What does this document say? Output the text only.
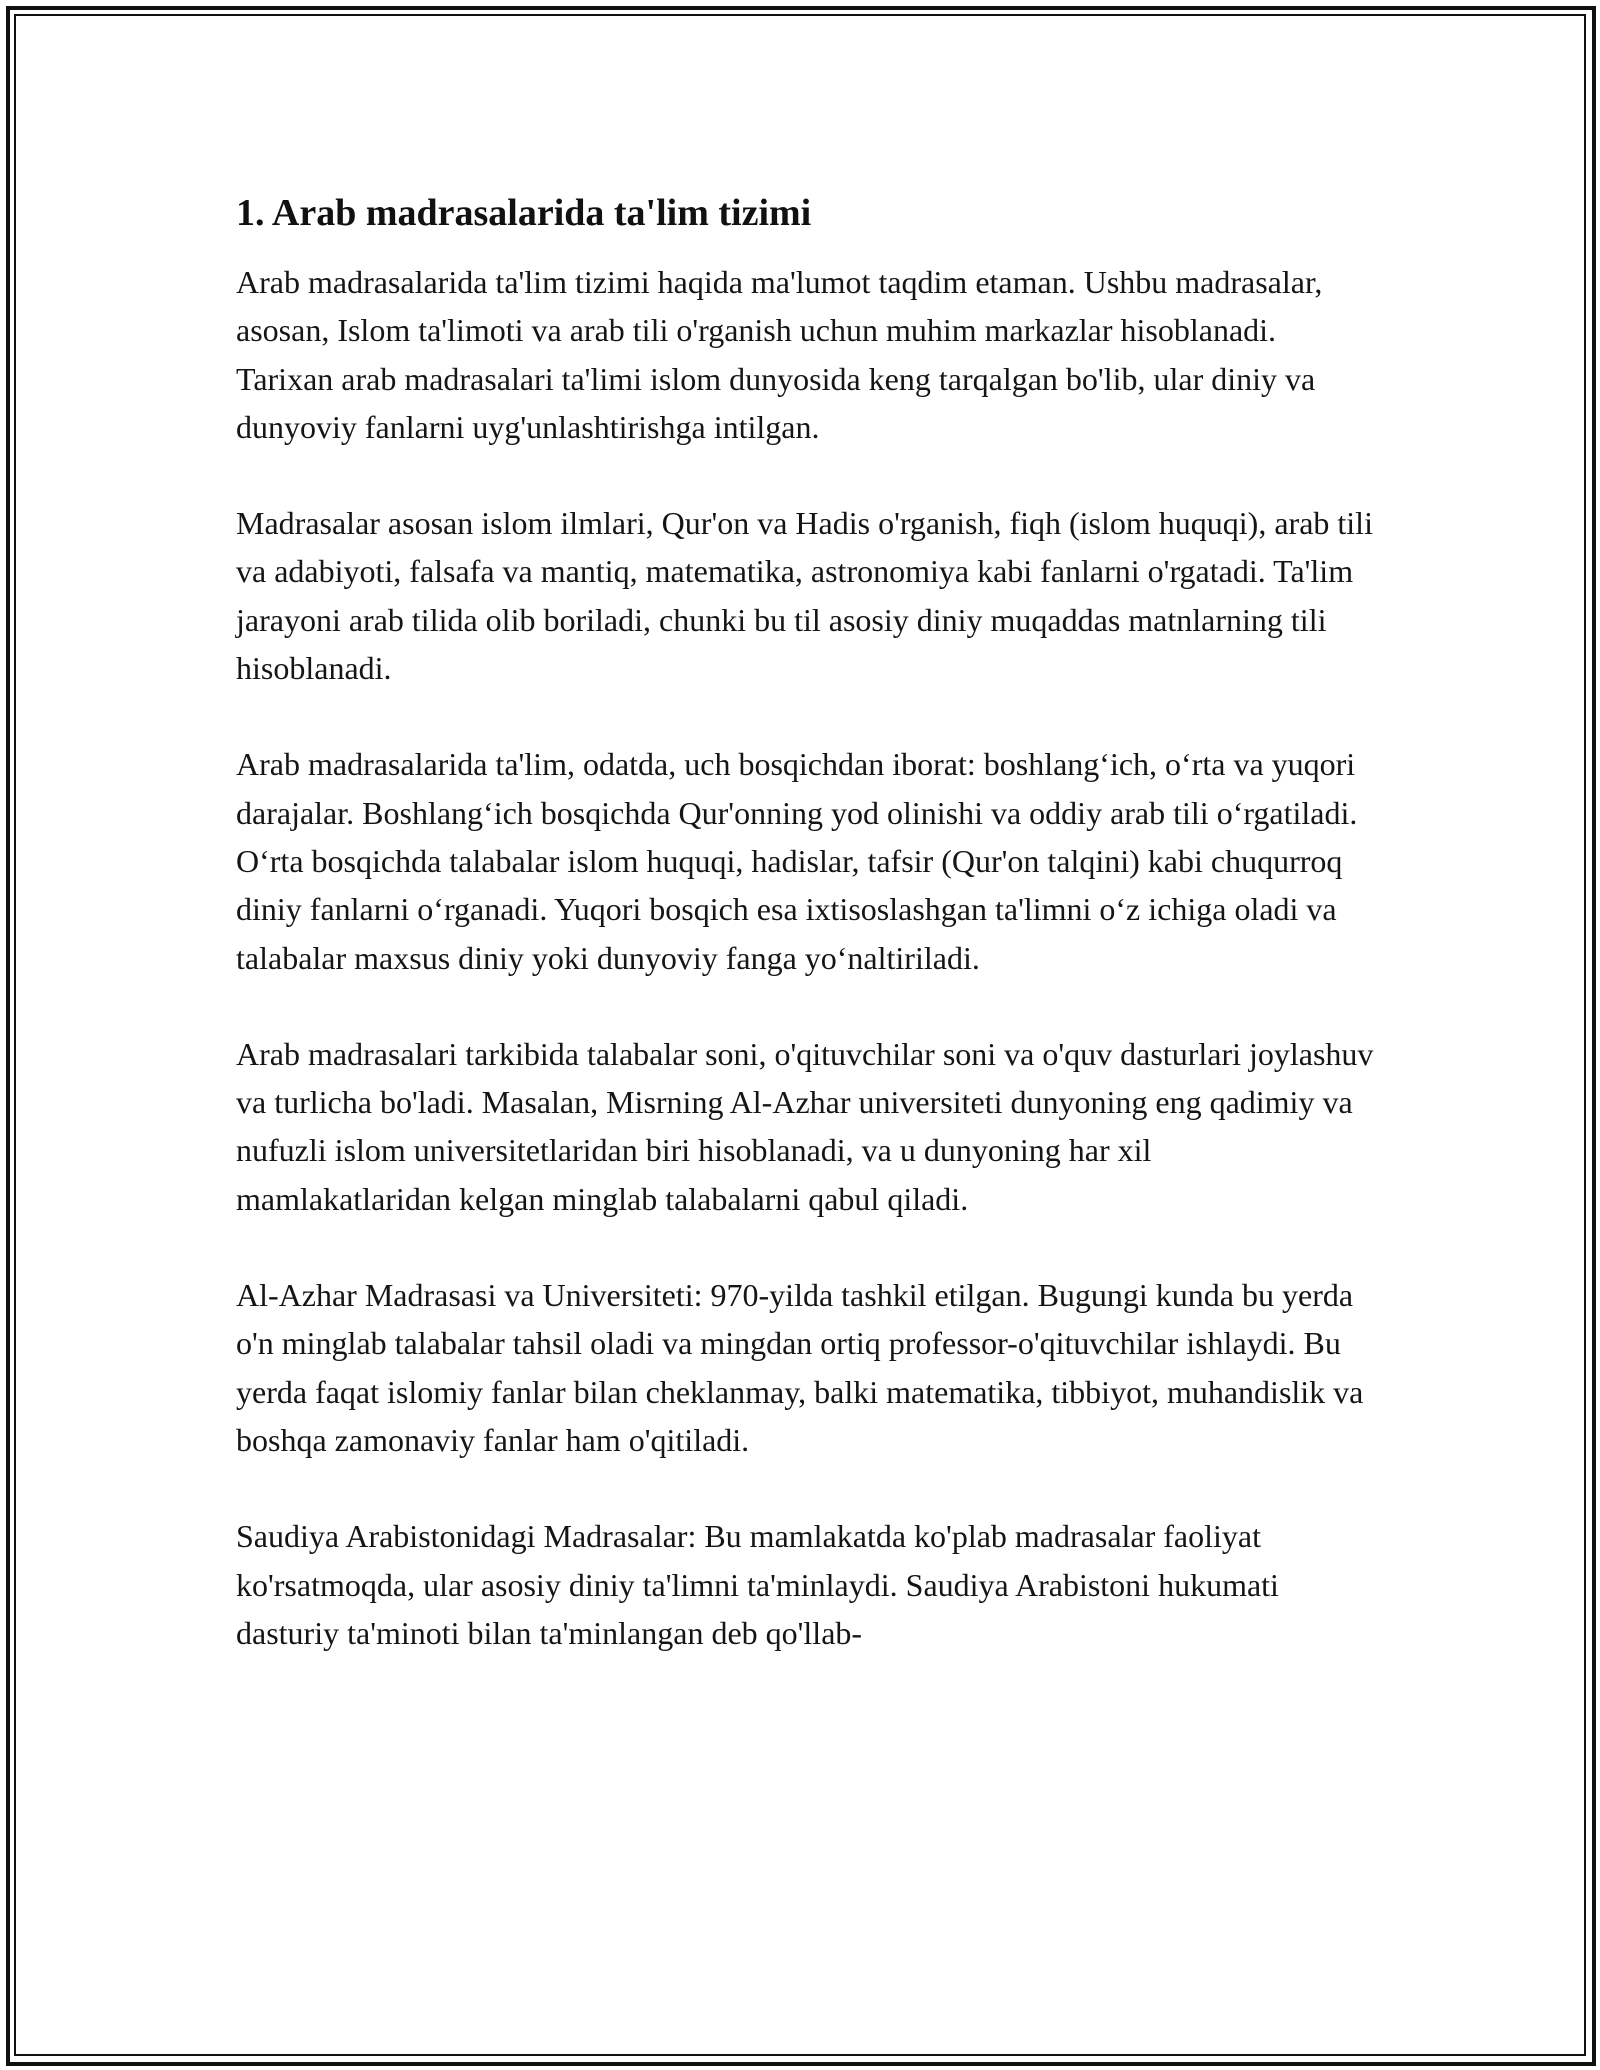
1. Arab madrasalarida ta'lim tizimi

Arab madrasalarida ta'lim tizimi haqida ma'lumot taqdim etaman. Ushbu madrasalar, asosan, Islom ta'limoti va arab tili o'rganish uchun muhim markazlar hisoblanadi. Tarixan arab madrasalari ta'limi islom dunyosida keng tarqalgan bo'lib, ular diniy va dunyoviy fanlarni uyg'unlashtirishga intilgan.

Madrasalar asosan islom ilmlari, Qur'on va Hadis o'rganish, fiqh (islom huquqi), arab tili va adabiyoti, falsafa va mantiq, matematika, astronomiya kabi fanlarni o'rgatadi. Ta'lim jarayoni arab tilida olib boriladi, chunki bu til asosiy diniy muqaddas matnlarning tili hisoblanadi.

Arab madrasalarida ta'lim, odatda, uch bosqichdan iborat: boshlang‘ich, o‘rta va yuqori darajalar. Boshlang‘ich bosqichda Qur'onning yod olinishi va oddiy arab tili o‘rgatiladi. O‘rta bosqichda talabalar islom huquqi, hadislar, tafsir (Qur'on talqini) kabi chuqurroq diniy fanlarni o‘rganadi. Yuqori bosqich esa ixtisoslashgan ta'limni o‘z ichiga oladi va talabalar maxsus diniy yoki dunyoviy fanga yo‘naltiriladi.

Arab madrasalari tarkibida talabalar soni, o'qituvchilar soni va o'quv dasturlari joylashuv va turlicha bo'ladi. Masalan, Misrning Al-Azhar universiteti dunyoning eng qadimiy va nufuzli islom universitetlaridan biri hisoblanadi, va u dunyoning har xil mamlakatlaridan kelgan minglab talabalarni qabul qiladi.

Al-Azhar Madrasasi va Universiteti: 970-yilda tashkil etilgan. Bugungi kunda bu yerda o'n minglab talabalar tahsil oladi va mingdan ortiq professor-o'qituvchilar ishlaydi. Bu yerda faqat islomiy fanlar bilan cheklanmay, balki matematika, tibbiyot, muhandislik va boshqa zamonaviy fanlar ham o'qitiladi.

Saudiya Arabistonidagi Madrasalar: Bu mamlakatda ko'plab madrasalar faoliyat ko'rsatmoqda, ular asosiy diniy ta'limni ta'minlaydi. Saudiya Arabistoni hukumati dasturiy ta'minoti bilan ta'minlangan deb qo'llab-
